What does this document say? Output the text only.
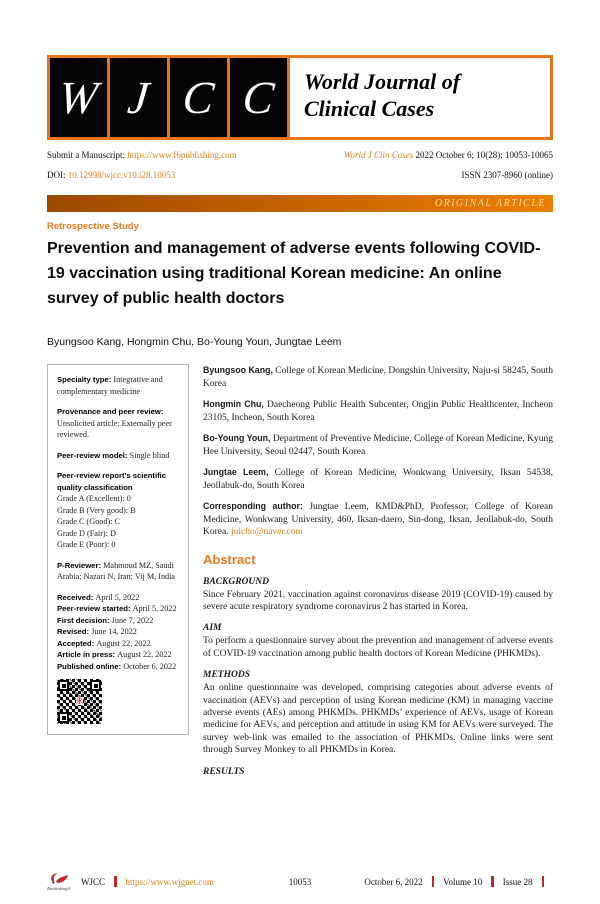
W J C C World Journal of
Clinical Cases
Submit a Manuscript: https://www.f6publishing.com	World J Clin Cases 2022 October 6; 10(28): 10053-10065
DOI: 10.12998/wjcc.v10.i28.10053	ISSN 2307-8960 (online)
ORIGINAL ARTICLE
Retrospective Study
Prevention and management of adverse events following COVID-19 vaccination using traditional Korean medicine: An online survey of public health doctors
Byungsoo Kang, Hongmin Chu, Bo-Young Youn, Jungtae Leem
Specialty type: Integrative and complementary medicine
Provenance and peer review: Unsolicited article; Externally peer reviewed.
Peer-review model: Single blind
Peer-review report's scientific quality classification
Grade A (Excellent): 0
Grade B (Very good): B
Grade C (Good): C
Grade D (Fair): D
Grade E (Poor): 0
P-Reviewer: Mahmoud MZ, Saudi Arabia; Nazari N, Iran; Vij M, India
Received: April 5, 2022
Peer-review started: April 5, 2022
First decision: June 7, 2022
Revised: June 14, 2022
Accepted: August 22, 2022
Article in press: August 22, 2022
Published online: October 6, 2022
永

Byungsoo Kang, College of Korean Medicine, Dongshin University, Naju-si 58245, South Korea

Hongmin Chu, Daecheong Public Health Subcenter, Ongjin Public Healthcenter, Incheon 23105, Incheon, South Korea

Bo-Young Youn, Department of Preventive Medicine, College of Korean Medicine, Kyung Hee University, Seoul 02447, South Korea

Jungtae Leem, College of Korean Medicine, Wonkwang University, Iksan 54538, Jeollabuk-do, South Korea

Corresponding author: Jungtae Leem, KMD&PhD, Professor, College of Korean Medicine, Wonkwang University, 460, Iksan-daero, Sin-dong, Iksan, Jeollabuk-do, South Korea. julcho@naver.com

Abstract
BACKGROUND

Since February 2021, vaccination against coronavirus disease 2019 (COVID-19) caused by severe acute respiratory syndrome coronavirus 2 has started in Korea.

AIM

To perform a questionnaire survey about the prevention and management of adverse events of COVID-19 vaccination among public health doctors of Korean Medicine (PHKMDs).

METHODS

An online questionnaire was developed, comprising categories about adverse events of vaccination (AEVs) and perception of using Korean medicine (KM) in managing vaccine adverse events (AEs) among PHKMDs. PHKMDs’ experience of AEVs, usage of Korean medicine for AEVs, and perception and attitude in using KM for AEVs were surveyed. The survey web-link was emailed to the association of PHKMDs. Online links were sent through Survey Monkey to all PHKMDs in Korea.

RESULTS
Baishideng®
WJCC https://www.wjgnet.com	10053	October 6, 2022 Volume 10 Issue 28
